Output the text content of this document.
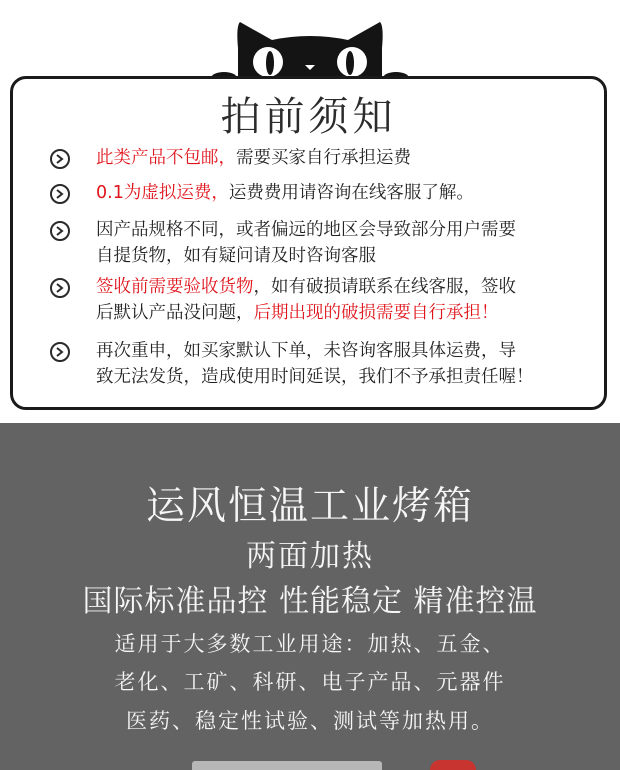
拍前须知
此类产品不包邮，需要买家自行承担运费
0.1为虚拟运费，运费费用请咨询在线客服了解。
因产品规格不同，或者偏远的地区会导致部分用户需要
自提货物，如有疑问请及时咨询客服
签收前需要验收货物，如有破损请联系在线客服，签收
后默认产品没问题，后期出现的破损需要自行承担！
再次重申，如买家默认下单，未咨询客服具体运费，导
致无法发货，造成使用时间延误，我们不予承担责任喔！
运风恒温工业烤箱
两面加热
国际标准品控 性能稳定 精准控温
适用于大多数工业用途：加热、五金、
老化、工矿、科研、电子产品、元器件
医药、稳定性试验、测试等加热用。
